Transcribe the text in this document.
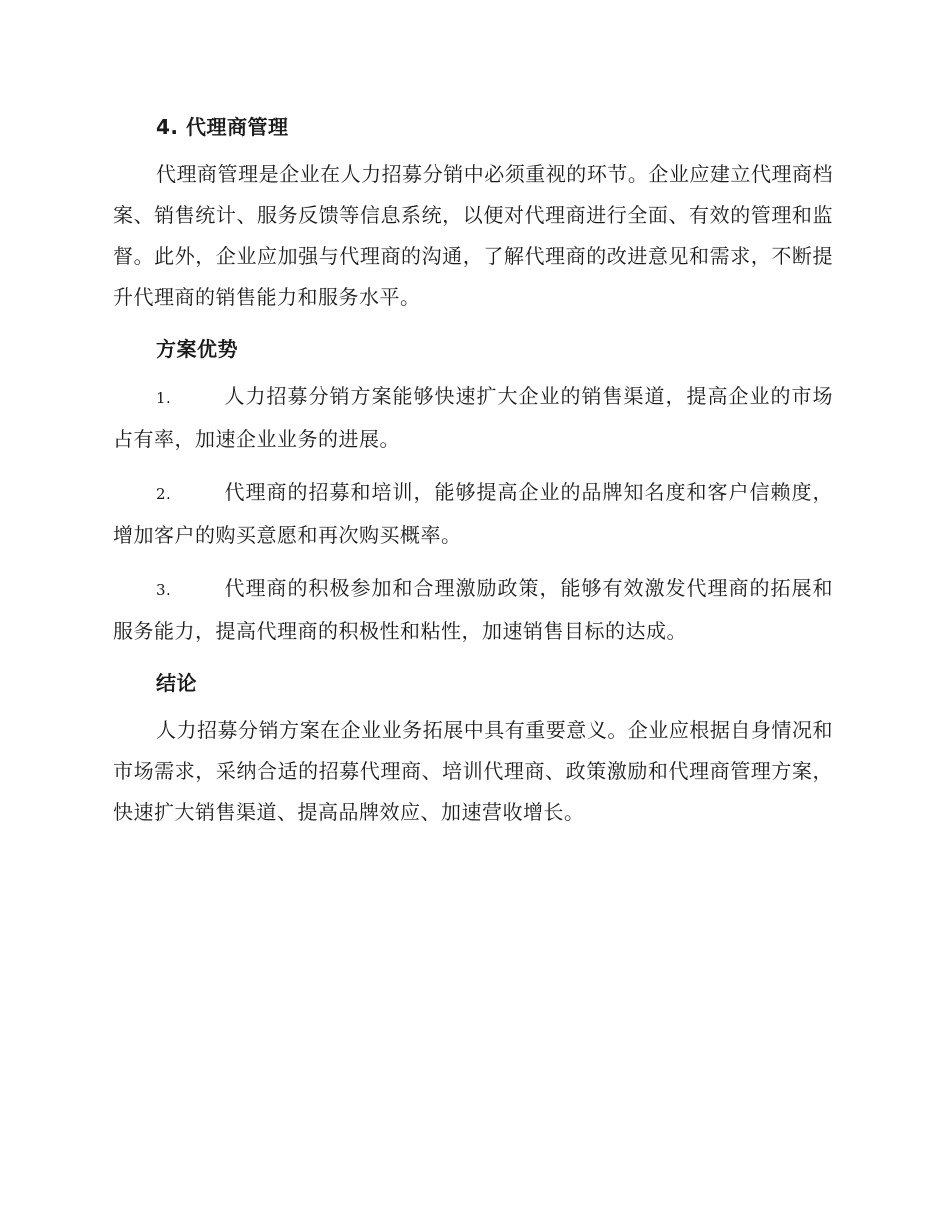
4. 代理商管理

代理商管理是企业在人力招募分销中必须重视的环节。企业应建立代理商档案、销售统计、服务反馈等信息系统，以便对代理商进行全面、有效的管理和监督。此外，企业应加强与代理商的沟通，了解代理商的改进意见和需求，不断提升代理商的销售能力和服务水平。

方案优势
1.	人力招募分销方案能够快速扩大企业的销售渠道，提高企业的市场占有率，加速企业业务的进展。
2.	代理商的招募和培训，能够提高企业的品牌知名度和客户信赖度，增加客户的购买意愿和再次购买概率。
3.	代理商的积极参加和合理激励政策，能够有效激发代理商的拓展和服务能力，提高代理商的积极性和粘性，加速销售目标的达成。
结论

人力招募分销方案在企业业务拓展中具有重要意义。企业应根据自身情况和市场需求，采纳合适的招募代理商、培训代理商、政策激励和代理商管理方案，快速扩大销售渠道、提高品牌效应、加速营收增长。
